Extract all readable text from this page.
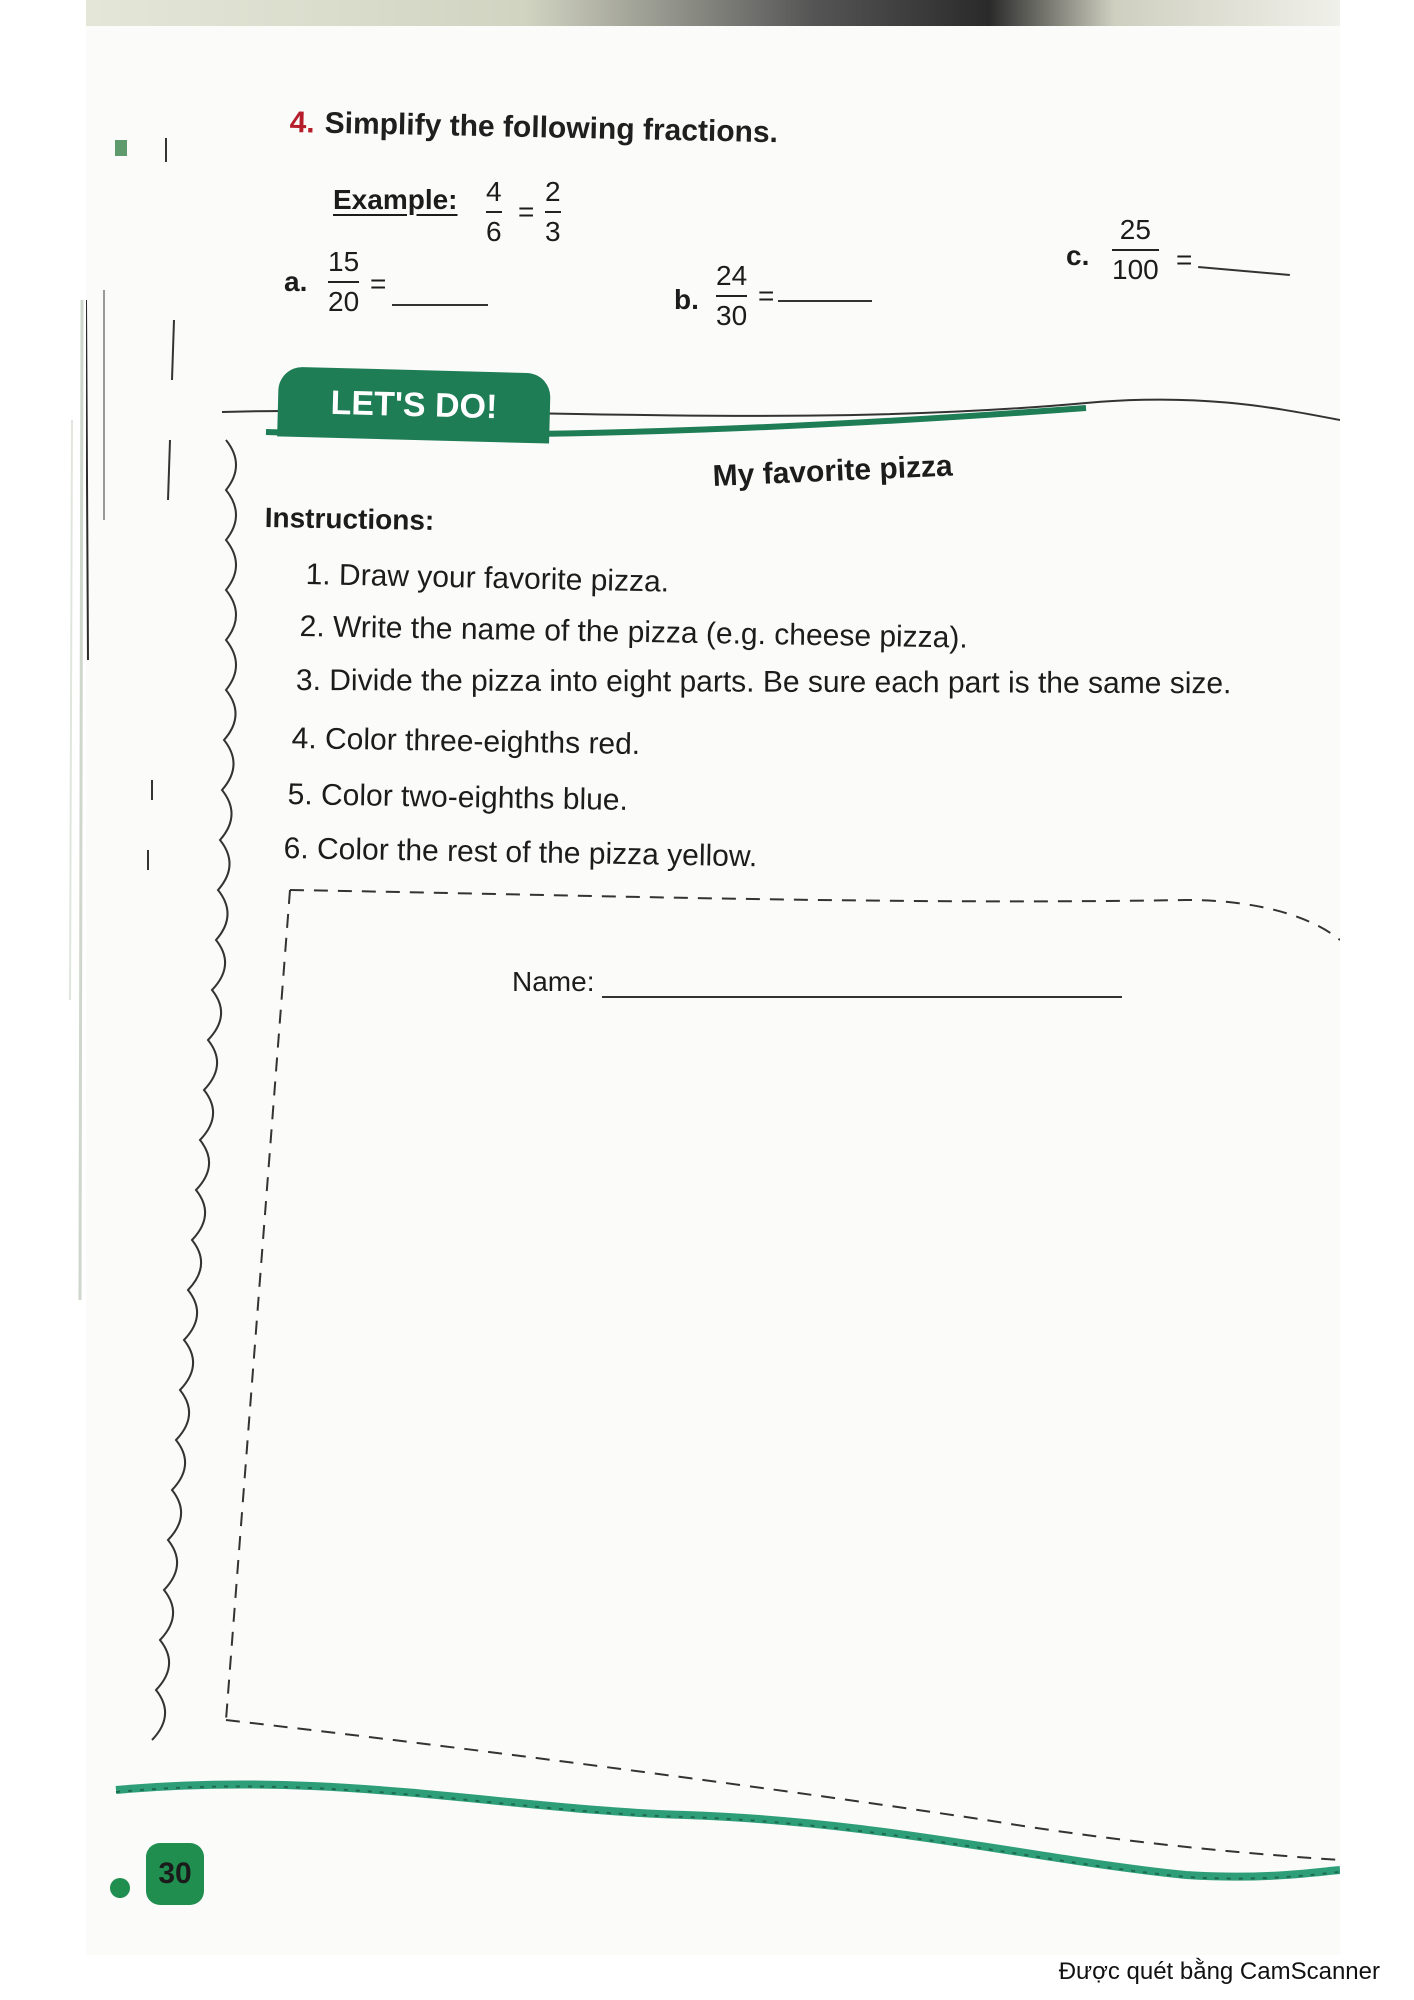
4. Simplify the following fractions.
Example: 4
6
=
2
3
a.
15
20
=
b.
24
30
=
c.
25
100 =
LET'S DO!
My favorite pizza
Instructions:
1. Draw your favorite pizza.
2. Write the name of the pizza (e.g. cheese pizza).
3. Divide the pizza into eight parts. Be sure each part is the same size.
4. Color three-eighths red.
5. Color two-eighths blue.
6. Color the rest of the pizza yellow.
Name:
30
Được quét bằng CamScanner
